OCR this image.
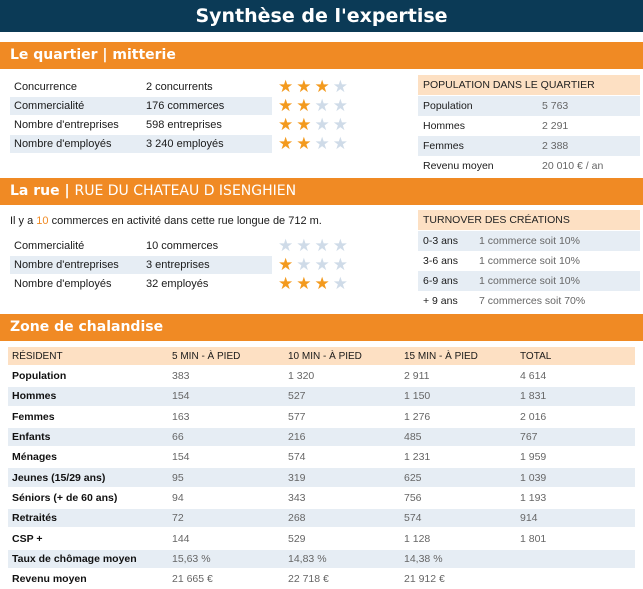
Synthèse de l'expertise
Le quartier | mitterie
Concurrence	2 concurrents	★ ★ ★ ★
Commercialité	176 commerces	★ ★ ★ ★
Nombre d'entreprises 598 entreprises	★ ★ ★ ★
Nombre d'employés	3 240 employés	★ ★ ★ ★
POPULATION DANS LE QUARTIER
Population	5 763
Hommes	2 291
Femmes	2 388
Revenu moyen	20 010 € / an
La rue | RUE DU CHATEAU D ISENGHIEN
Il y a 10 commerces en activité dans cette rue longue de 712 m.
Commercialité	10 commerces	★ ★ ★ ★
Nombre d'entreprises 3 entreprises	★ ★ ★ ★
Nombre d'employés	32 employés	★ ★ ★ ★
TURNOVER DES CRÉATIONS
0-3 ans 1 commerce soit 10%
3-6 ans 1 commerce soit 10%
6-9 ans 1 commerce soit 10%
+ 9 ans 7 commerces soit 70%
Zone de chalandise
RÉSIDENT	5 MIN - À PIED	10 MIN - À PIED	15 MIN - À PIED	TOTAL
Population	383	1 320	2 911	4 614
Hommes	154	527	1 150	1 831
Femmes	163	577	1 276	2 016
Enfants	66	216	485	767
Ménages	154	574	1 231	1 959
Jeunes (15/29 ans)	95	319	625	1 039
Séniors (+ de 60 ans)	94	343	756	1 193
Retraités	72	268	574	914
CSP +	144	529	1 128	1 801
Taux de chômage moyen	15,63 %	14,83 %	14,38 %	
Revenu moyen	21 665 €	22 718 €	21 912 €	
